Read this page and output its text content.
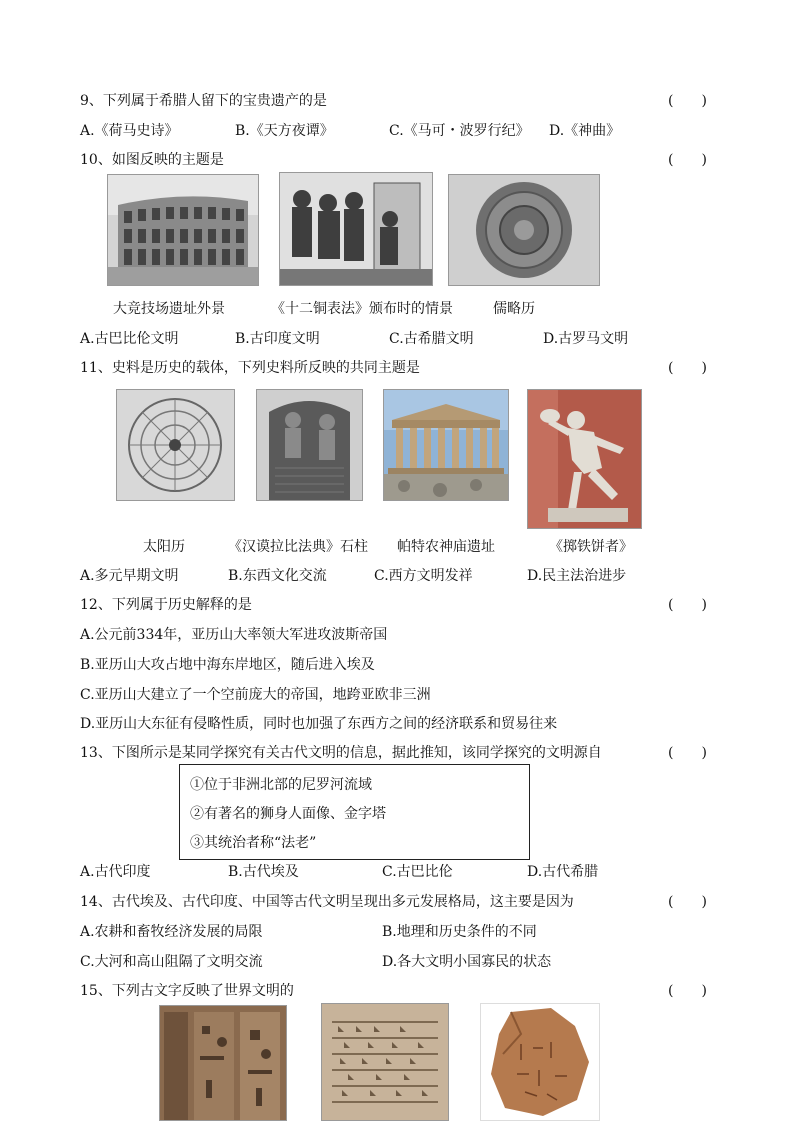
9、下列属于希腊人留下的宝贵遗产的是	(　　)
A.《荷马史诗》	B.《天方夜谭》	C.《马可・波罗行纪》 D.《神曲》
10、如图反映的主题是	(　　)
大竞技场遗址外景	《十二铜表法》颁布时的情景	儒略历
A.古巴比伦文明	B.古印度文明	C.古希腊文明	D.古罗马文明
11、史料是历史的载体，下列史料所反映的共同主题是	(　　)
太阳历	《汉谟拉比法典》石柱 帕特农神庙遗址	《掷铁饼者》
A.多元早期文明	B.东西文化交流	C.西方文明发祥	D.民主法治进步
12、下列属于历史解释的是	(　　)
A.公元前334年，亚历山大率领大军进攻波斯帝国
B.亚历山大攻占地中海东岸地区，随后进入埃及
C.亚历山大建立了一个空前庞大的帝国，地跨亚欧非三洲
D.亚历山大东征有侵略性质，同时也加强了东西方之间的经济联系和贸易往来
13、下图所示是某同学探究有关古代文明的信息，据此推知，该同学探究的文明源自	(　　)
①位于非洲北部的尼罗河流域
②有著名的狮身人面像、金字塔
③其统治者称“法老”
A.古代印度	B.古代埃及	C.古巴比伦	D.古代希腊
14、古代埃及、古代印度、中国等古代文明呈现出多元发展格局，这主要是因为	(　　)
A.农耕和畜牧经济发展的局限	B.地理和历史条件的不同
C.大河和高山阻隔了文明交流	D.各大文明小国寡民的状态
15、下列古文字反映了世界文明的	(　　)
